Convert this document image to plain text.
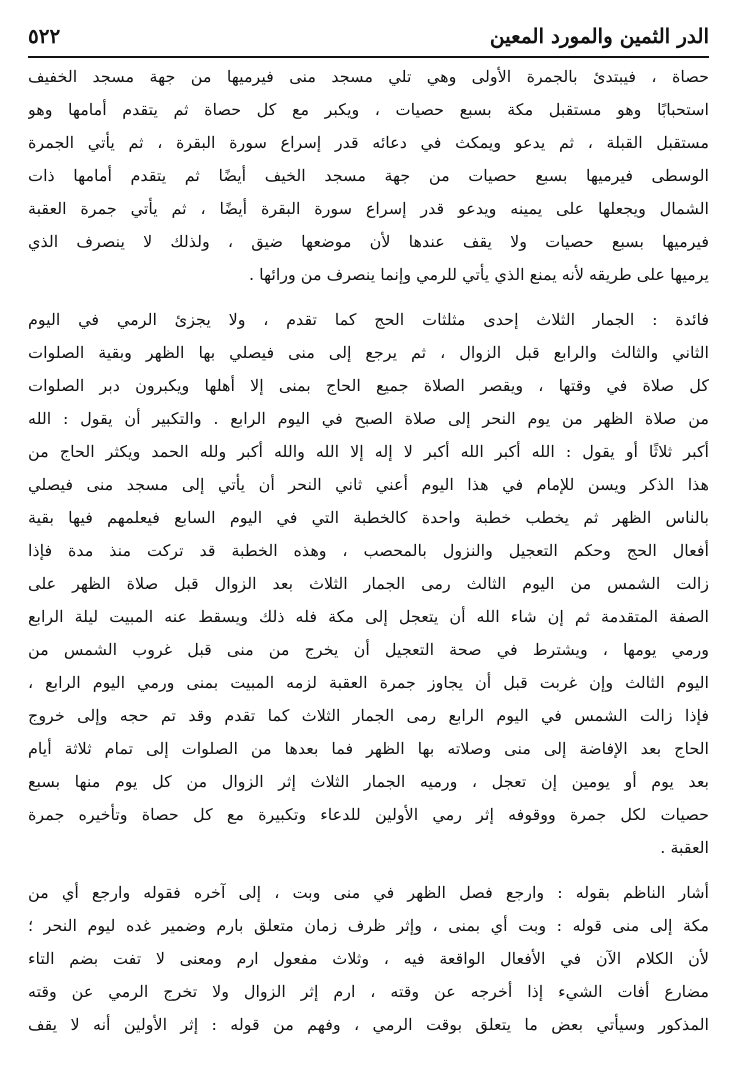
الدر الثمين والمورد المعين
٥٢٢
حصاة ، فيبتدئ بالجمرة الأولى وهي تلي مسجد منى فيرميها من جهة مسجد الخفيف
استحبابًا وهو مستقبل مكة بسبع حصيات ، ويكبر مع كل حصاة ثم يتقدم أمامها وهو
مستقبل القبلة ، ثم يدعو ويمكث في دعائه قدر إسراع سورة البقرة ، ثم يأتي الجمرة
الوسطى فيرميها بسبع حصيات من جهة مسجد الخيف أيضًا ثم يتقدم أمامها ذات
الشمال ويجعلها على يمينه ويدعو قدر إسراع سورة البقرة أيضًا ، ثم يأتي جمرة العقبة
فيرميها بسبع حصيات ولا يقف عندها لأن موضعها ضيق ، ولذلك لا ينصرف الذي
يرميها على طريقه لأنه يمنع الذي يأتي للرمي وإنما ينصرف من ورائها .
فائدة : الجمار الثلاث إحدى مثلثات الحج كما تقدم ، ولا يجزئ الرمي في اليوم
الثاني والثالث والرابع قبل الزوال ، ثم يرجع إلى منى فيصلي بها الظهر وبقية الصلوات
كل صلاة في وقتها ، ويقصر الصلاة جميع الحاج بمنى إلا أهلها ويكبرون دبر الصلوات
من صلاة الظهر من يوم النحر إلى صلاة الصبح في اليوم الرابع . والتكبير أن يقول : الله
أكبر ثلاثًا أو يقول : الله أكبر الله أكبر لا إله إلا الله والله أكبر ولله الحمد ويكثر الحاج من
هذا الذكر ويسن للإمام في هذا اليوم أعني ثاني النحر أن يأتي إلى مسجد منى فيصلي
بالناس الظهر ثم يخطب خطبة واحدة كالخطبة التي في اليوم السابع فيعلمهم فيها بقية
أفعال الحج وحكم التعجيل والنزول بالمحصب ، وهذه الخطبة قد تركت منذ مدة فإذا
زالت الشمس من اليوم الثالث رمى الجمار الثلاث بعد الزوال قبل صلاة الظهر على
الصفة المتقدمة ثم إن شاء الله أن يتعجل إلى مكة فله ذلك ويسقط عنه المبيت ليلة الرابع
ورمي يومها ، ويشترط في صحة التعجيل أن يخرج من منى قبل غروب الشمس من
اليوم الثالث وإن غربت قبل أن يجاوز جمرة العقبة لزمه المبيت بمنى ورمي اليوم الرابع ،
فإذا زالت الشمس في اليوم الرابع رمى الجمار الثلاث كما تقدم وقد تم حجه وإلى خروج
الحاج بعد الإفاضة إلى منى وصلاته بها الظهر فما بعدها من الصلوات إلى تمام ثلاثة أيام
بعد يوم أو يومين إن تعجل ، ورميه الجمار الثلاث إثر الزوال من كل يوم منها بسبع
حصيات لكل جمرة ووقوفه إثر رمي الأولين للدعاء وتكبيرة مع كل حصاة وتأخيره جمرة
العقبة .
أشار الناظم بقوله : وارجع فصل الظهر في منى وبت ، إلى آخره فقوله وارجع أي من
مكة إلى منى قوله : وبت أي بمنى ، وإثر ظرف زمان متعلق بارم وضمير غده ليوم النحر ؛
لأن الكلام الآن في الأفعال الواقعة فيه ، وثلاث مفعول ارم ومعنى لا تفت بضم التاء
مضارع أفات الشيء إذا أخرجه عن وقته ، ارم إثر الزوال ولا تخرج الرمي عن وقته
المذكور وسيأتي بعض ما يتعلق بوقت الرمي ، وفهم من قوله : إثر الأولين أنه لا يقف
